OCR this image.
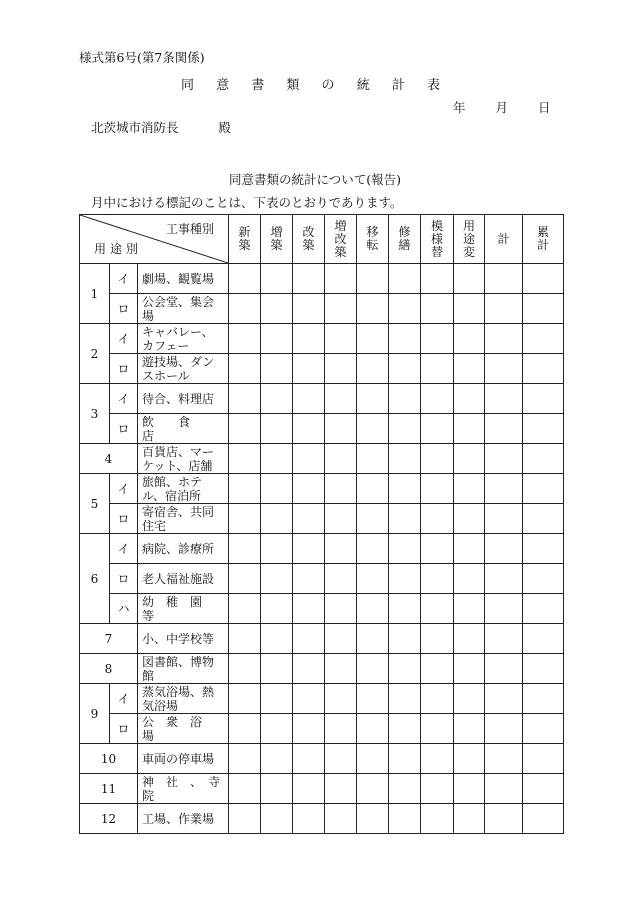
様式第6号(第7条関係)
同 意 書 類 の 統 計 表
年 月 日
北茨城市消防長	殿
同意書類の統計について(報告)
月中における標記のことは、下表のとおりであります。
工事種別
用途別			新築	増築	改築	増改築	移転	修繕	模様替	用途変	計	累計
1	イ	劇場、観覧場										

	ロ	公会堂、集会場										

2	イ	キャバレー、カフェー										

	ロ	遊技場、ダンスホール										

3	イ	待合、料理店										

	ロ	飲　　食　　店										

4		百貨店、マーケット、店舗										

5	イ	旅館、ホテル、宿泊所										

	ロ	寄宿舎、共同住宅										

6	イ	病院、診療所										

	ロ	老人福祉施設										

	ハ	幼　稚　園　等										

7		小、中学校等										

8		図書館、博物館										

9	イ	蒸気浴場、熱気浴場										

	ロ	公　衆　浴　場										

10		車両の停車場										

11		神　社　、　寺　院										

12		工場、作業場										
